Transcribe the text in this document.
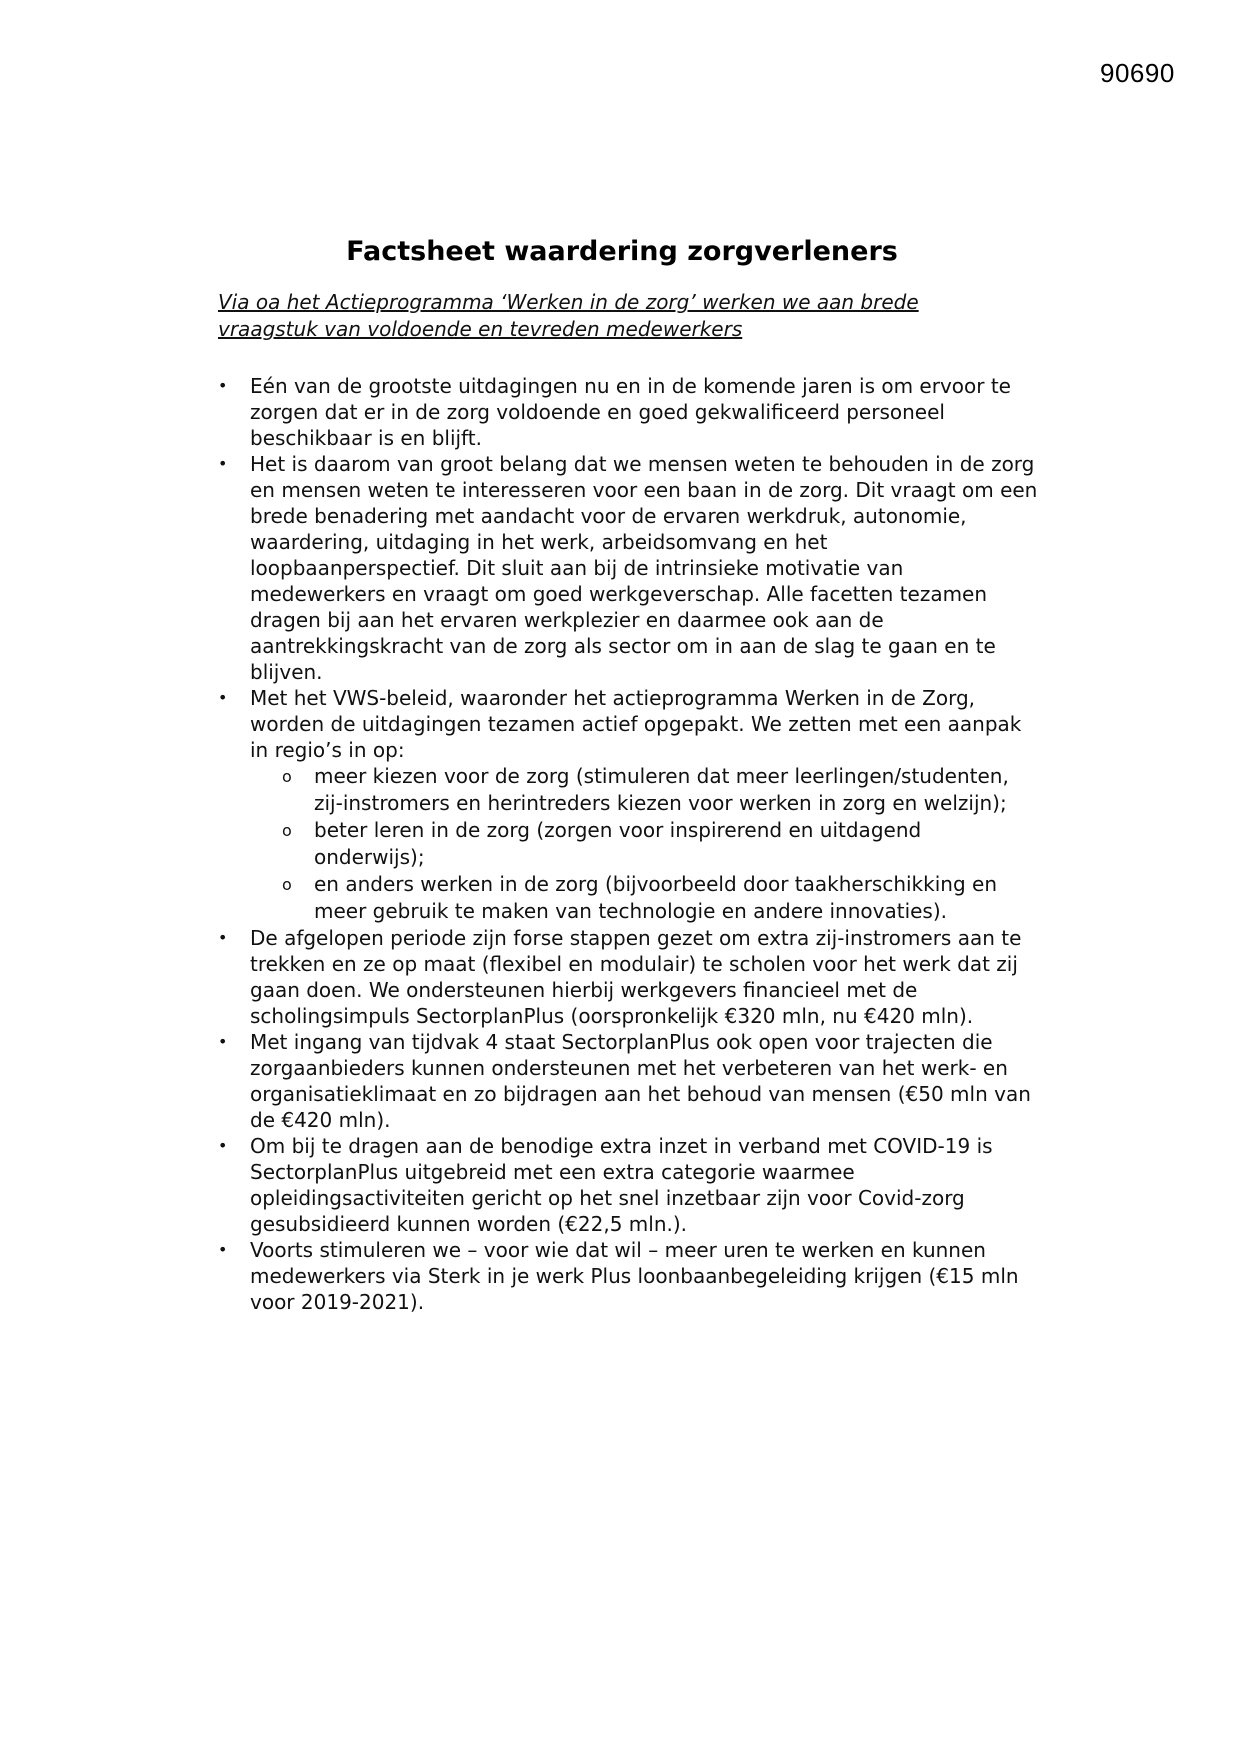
90690
Factsheet waardering zorgverleners
Via oa het Actieprogramma ‘Werken in de zorg’ werken we aan brede vraagstuk van voldoende en tevreden medewerkers
•	Eén van de grootste uitdagingen nu en in de komende jaren is om ervoor te zorgen dat er in de zorg voldoende en goed gekwalificeerd personeel beschikbaar is en blijft.
•	Het is daarom van groot belang dat we mensen weten te behouden in de zorg en mensen weten te interesseren voor een baan in de zorg. Dit vraagt om een brede benadering met aandacht voor de ervaren werkdruk, autonomie, waardering, uitdaging in het werk, arbeidsomvang en het loopbaanperspectief. Dit sluit aan bij de intrinsieke motivatie van medewerkers en vraagt om goed werkgeverschap. Alle facetten tezamen dragen bij aan het ervaren werkplezier en daarmee ook aan de aantrekkingskracht van de zorg als sector om in aan de slag te gaan en te blijven.
•	Met het VWS-beleid, waaronder het actieprogramma Werken in de Zorg, worden de uitdagingen tezamen actief opgepakt. We zetten met een aanpak in regio’s in op:
o meer kiezen voor de zorg (stimuleren dat meer leerlingen/studenten, zij-instromers en herintreders kiezen voor werken in zorg en welzijn);
o beter leren in de zorg (zorgen voor inspirerend en uitdagend onderwijs);
o en anders werken in de zorg (bijvoorbeeld door taakherschikking en meer gebruik te maken van technologie en andere innovaties).
•	De afgelopen periode zijn forse stappen gezet om extra zij-instromers aan te trekken en ze op maat (flexibel en modulair) te scholen voor het werk dat zij gaan doen. We ondersteunen hierbij werkgevers financieel met de scholingsimpuls SectorplanPlus (oorspronkelijk €320 mln, nu €420 mln).
•	Met ingang van tijdvak 4 staat SectorplanPlus ook open voor trajecten die zorgaanbieders kunnen ondersteunen met het verbeteren van het werk- en organisatieklimaat en zo bijdragen aan het behoud van mensen (€50 mln van de €420 mln).
•	Om bij te dragen aan de benodige extra inzet in verband met COVID-19 is SectorplanPlus uitgebreid met een extra categorie waarmee opleidingsactiviteiten gericht op het snel inzetbaar zijn voor Covid-zorg gesubsidieerd kunnen worden (€22,5 mln.).
•	Voorts stimuleren we – voor wie dat wil – meer uren te werken en kunnen medewerkers via Sterk in je werk Plus loonbaanbegeleiding krijgen (€15 mln voor 2019-2021).
